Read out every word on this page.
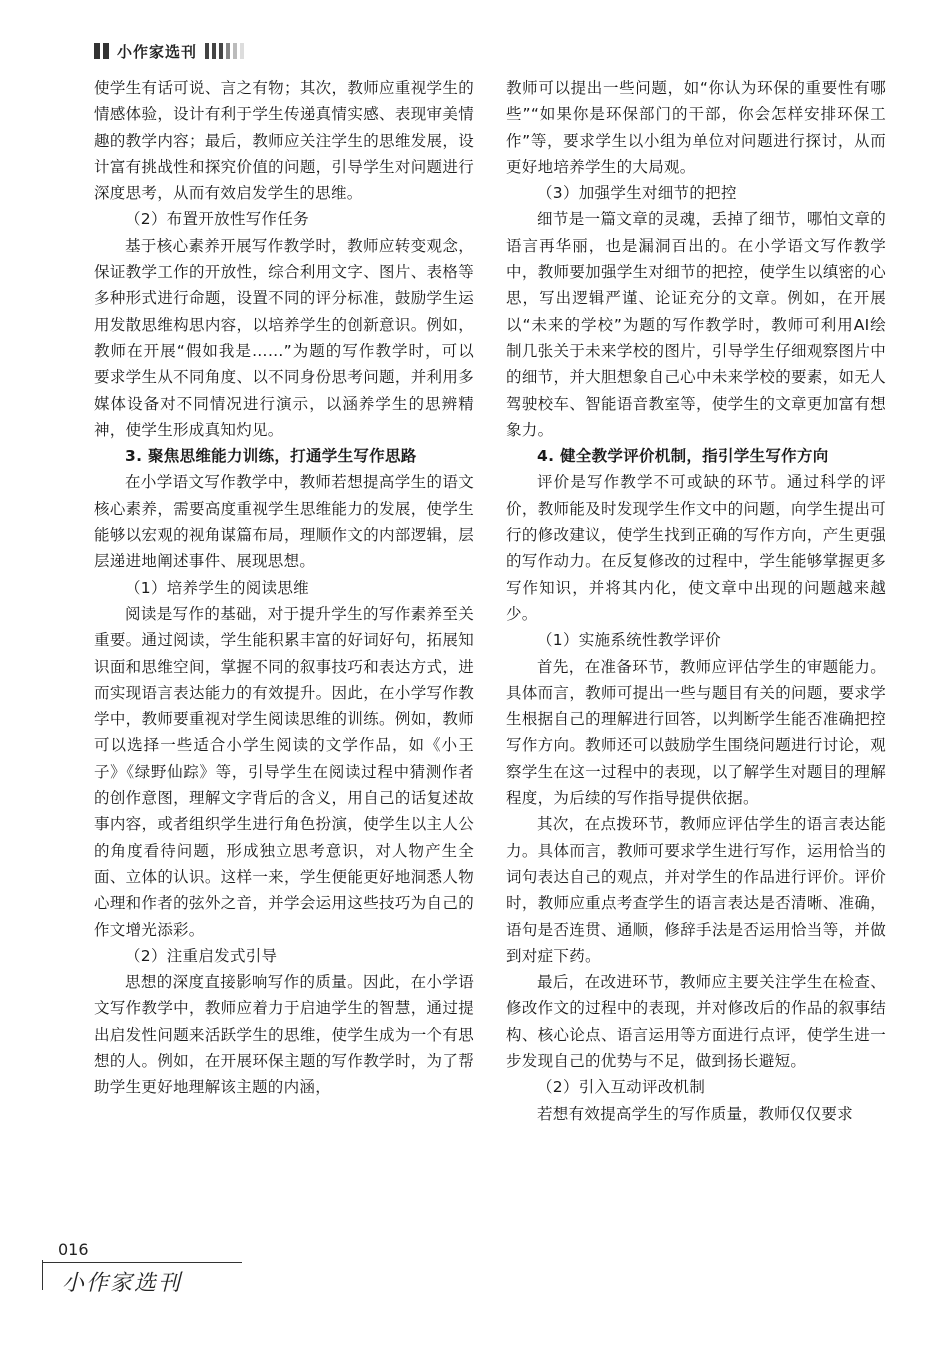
小作家选刊

使学生有话可说、言之有物；其次，教师应重视学生的情感体验，设计有利于学生传递真情实感、表现审美情趣的教学内容；最后，教师应关注学生的思维发展，设计富有挑战性和探究价值的问题，引导学生对问题进行深度思考，从而有效启发学生的思维。

（2）布置开放性写作任务

基于核心素养开展写作教学时，教师应转变观念，保证教学工作的开放性，综合利用文字、图片、表格等多种形式进行命题，设置不同的评分标准，鼓励学生运用发散思维构思内容，以培养学生的创新意识。例如，教师在开展“假如我是……”为题的写作教学时，可以要求学生从不同角度、以不同身份思考问题，并利用多媒体设备对不同情况进行演示，以涵养学生的思辨精神，使学生形成真知灼见。

3. 聚焦思维能力训练，打通学生写作思路

在小学语文写作教学中，教师若想提高学生的语文核心素养，需要高度重视学生思维能力的发展，使学生能够以宏观的视角谋篇布局，理顺作文的内部逻辑，层层递进地阐述事件、展现思想。

（1）培养学生的阅读思维

阅读是写作的基础，对于提升学生的写作素养至关重要。通过阅读，学生能积累丰富的好词好句，拓展知识面和思维空间，掌握不同的叙事技巧和表达方式，进而实现语言表达能力的有效提升。因此，在小学写作教学中，教师要重视对学生阅读思维的训练。例如，教师可以选择一些适合小学生阅读的文学作品，如《小王子》《绿野仙踪》等，引导学生在阅读过程中猜测作者的创作意图，理解文字背后的含义，用自己的话复述故事内容，或者组织学生进行角色扮演，使学生以主人公的角度看待问题，形成独立思考意识，对人物产生全面、立体的认识。这样一来，学生便能更好地洞悉人物心理和作者的弦外之音，并学会运用这些技巧为自己的作文增光添彩。

（2）注重启发式引导

思想的深度直接影响写作的质量。因此，在小学语文写作教学中，教师应着力于启迪学生的智慧，通过提出启发性问题来活跃学生的思维，使学生成为一个有思想的人。例如，在开展环保主题的写作教学时，为了帮助学生更好地理解该主题的内涵，

教师可以提出一些问题，如“你认为环保的重要性有哪些”“如果你是环保部门的干部，你会怎样安排环保工作”等，要求学生以小组为单位对问题进行探讨，从而更好地培养学生的大局观。

（3）加强学生对细节的把控

细节是一篇文章的灵魂，丢掉了细节，哪怕文章的语言再华丽，也是漏洞百出的。在小学语文写作教学中，教师要加强学生对细节的把控，使学生以缜密的心思，写出逻辑严谨、论证充分的文章。例如，在开展以“未来的学校”为题的写作教学时，教师可利用AI绘制几张关于未来学校的图片，引导学生仔细观察图片中的细节，并大胆想象自己心中未来学校的要素，如无人驾驶校车、智能语音教室等，使学生的文章更加富有想象力。

4. 健全教学评价机制，指引学生写作方向

评价是写作教学不可或缺的环节。通过科学的评价，教师能及时发现学生作文中的问题，向学生提出可行的修改建议，使学生找到正确的写作方向，产生更强的写作动力。在反复修改的过程中，学生能够掌握更多写作知识，并将其内化，使文章中出现的问题越来越少。

（1）实施系统性教学评价

首先，在准备环节，教师应评估学生的审题能力。具体而言，教师可提出一些与题目有关的问题，要求学生根据自己的理解进行回答，以判断学生能否准确把控写作方向。教师还可以鼓励学生围绕问题进行讨论，观察学生在这一过程中的表现，以了解学生对题目的理解程度，为后续的写作指导提供依据。

其次，在点拨环节，教师应评估学生的语言表达能力。具体而言，教师可要求学生进行写作，运用恰当的词句表达自己的观点，并对学生的作品进行评价。评价时，教师应重点考查学生的语言表达是否清晰、准确，语句是否连贯、通顺，修辞手法是否运用恰当等，并做到对症下药。

最后，在改进环节，教师应主要关注学生在检查、修改作文的过程中的表现，并对修改后的作品的叙事结构、核心论点、语言运用等方面进行点评，使学生进一步发现自己的优势与不足，做到扬长避短。

（2）引入互动评改机制

若想有效提高学生的写作质量，教师仅仅要求

016
小作家选刊
